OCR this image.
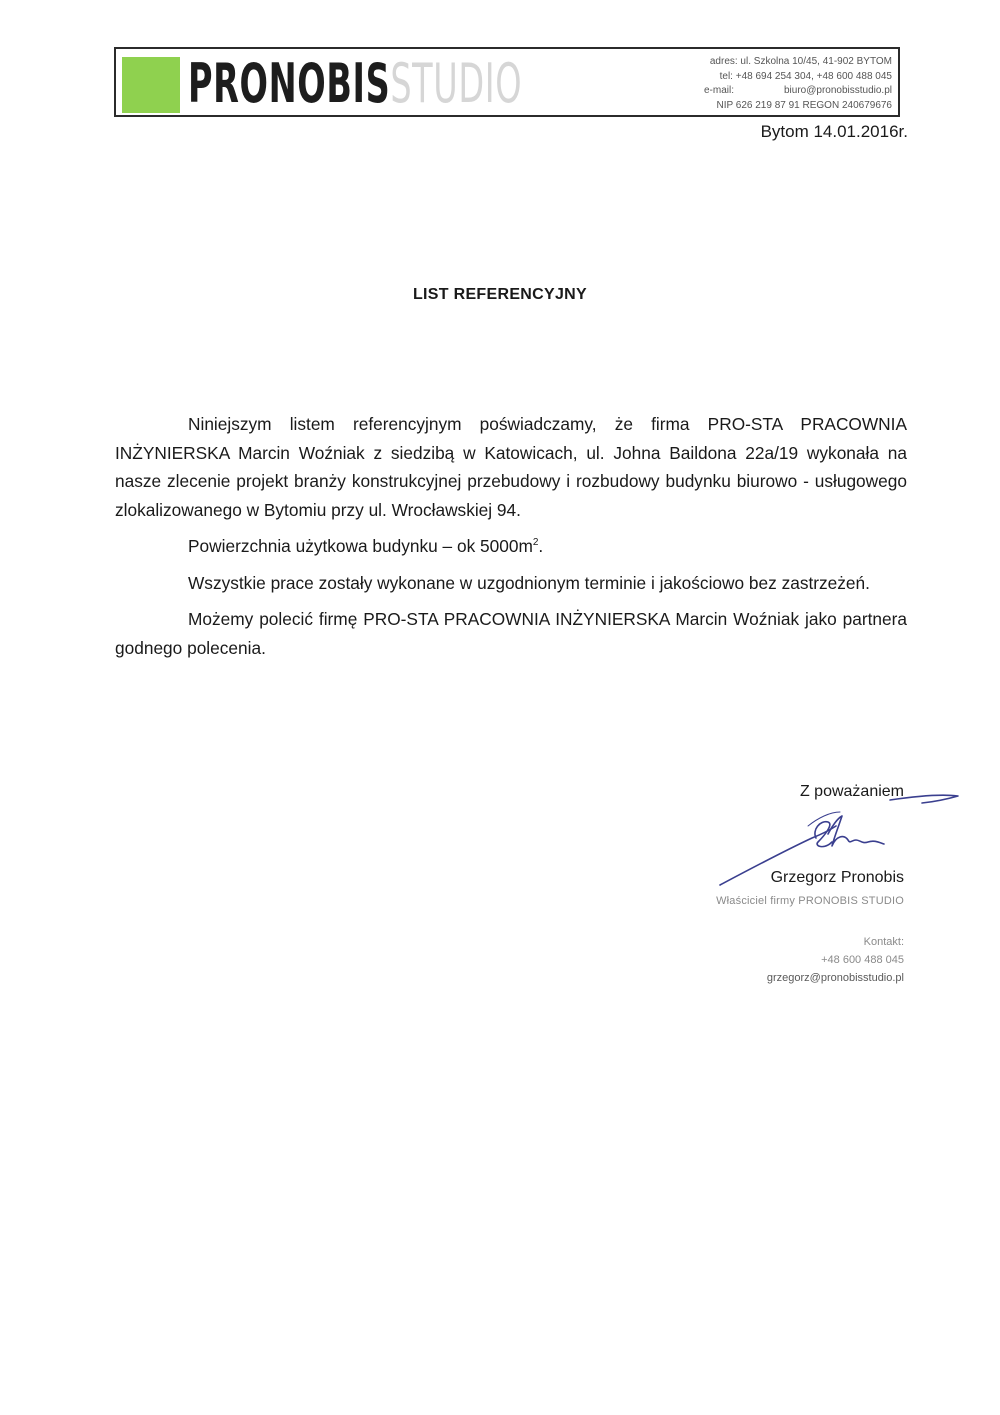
PRONOBISSTUDIO	adres: ul. Szkolna 10/45, 41-902 BYTOM
tel: +48 694 254 304, +48 600 488 045
e-mail:	biuro@pronobisstudio.pl
NIP 626 219 87 91 REGON 240679676
Bytom 14.01.2016r.
LIST REFERENCYJNY

Niniejszym listem referencyjnym poświadczamy, że firma PRO-STA PRACOWNIA INŻYNIERSKA Marcin Woźniak z siedzibą w Katowicach, ul. Johna Baildona 22a/19 wykonała na nasze zlecenie projekt branży konstrukcyjnej przebudowy i rozbudowy budynku biurowo - usługowego zlokalizowanego w Bytomiu przy ul. Wrocławskiej 94.

Powierzchnia użytkowa budynku – ok $5000m^2$.

Wszystkie prace zostały wykonane w uzgodnionym terminie i jakościowo bez zastrzeżeń.

Możemy polecić firmę PRO-STA PRACOWNIA INŻYNIERSKA Marcin Woźniak jako partnera godnego polecenia.

Z poważaniem
Grzegorz Pronobis
Właściciel firmy PRONOBIS STUDIO
Kontakt:
+48 600 488 045
grzegorz@pronobisstudio.pl
